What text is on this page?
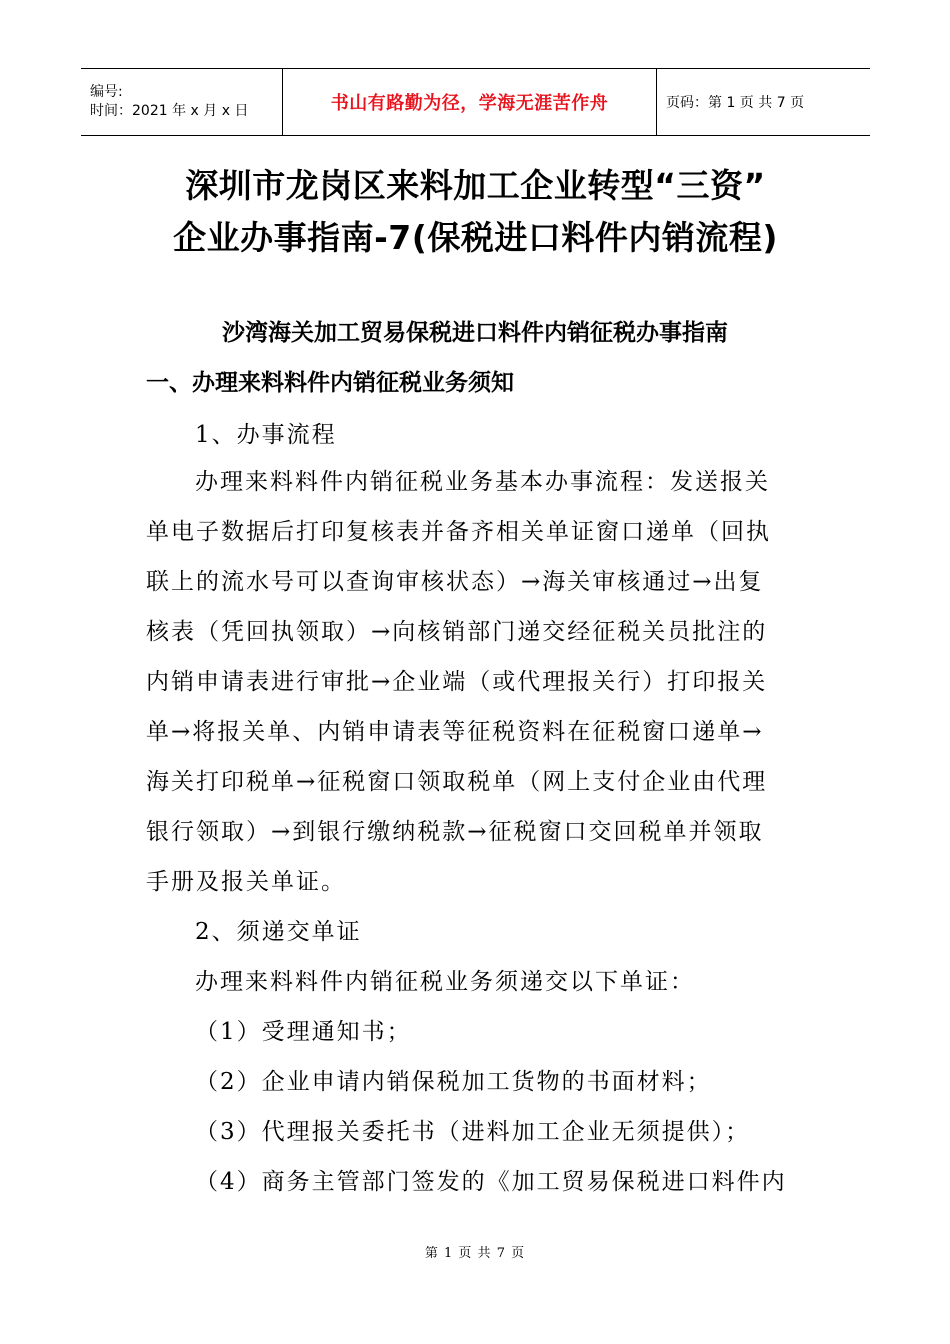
编号:
时间：2021 年 x 月 x 日	书山有路勤为径，学海无涯苦作舟	页码：第 1 页 共 7 页
深圳市龙岗区来料加工企业转型“三资”
企业办事指南-7(保税进口料件内销流程)
沙湾海关加工贸易保税进口料件内销征税办事指南
一、办理来料料件内销征税业务须知
1、办事流程
办理来料料件内销征税业务基本办事流程：发送报关
单电子数据后打印复核表并备齐相关单证窗口递单（回执
联上的流水号可以查询审核状态）→海关审核通过→出复
核表（凭回执领取）→向核销部门递交经征税关员批注的
内销申请表进行审批→企业端（或代理报关行）打印报关
单→将报关单、内销申请表等征税资料在征税窗口递单→
海关打印税单→征税窗口领取税单（网上支付企业由代理
银行领取）→到银行缴纳税款→征税窗口交回税单并领取
手册及报关单证。
2、须递交单证
办理来料料件内销征税业务须递交以下单证：
（1）受理通知书；
（2）企业申请内销保税加工货物的书面材料；
（3）代理报关委托书（进料加工企业无须提供）；
（4）商务主管部门签发的《加工贸易保税进口料件内
第 1 页 共 7 页
